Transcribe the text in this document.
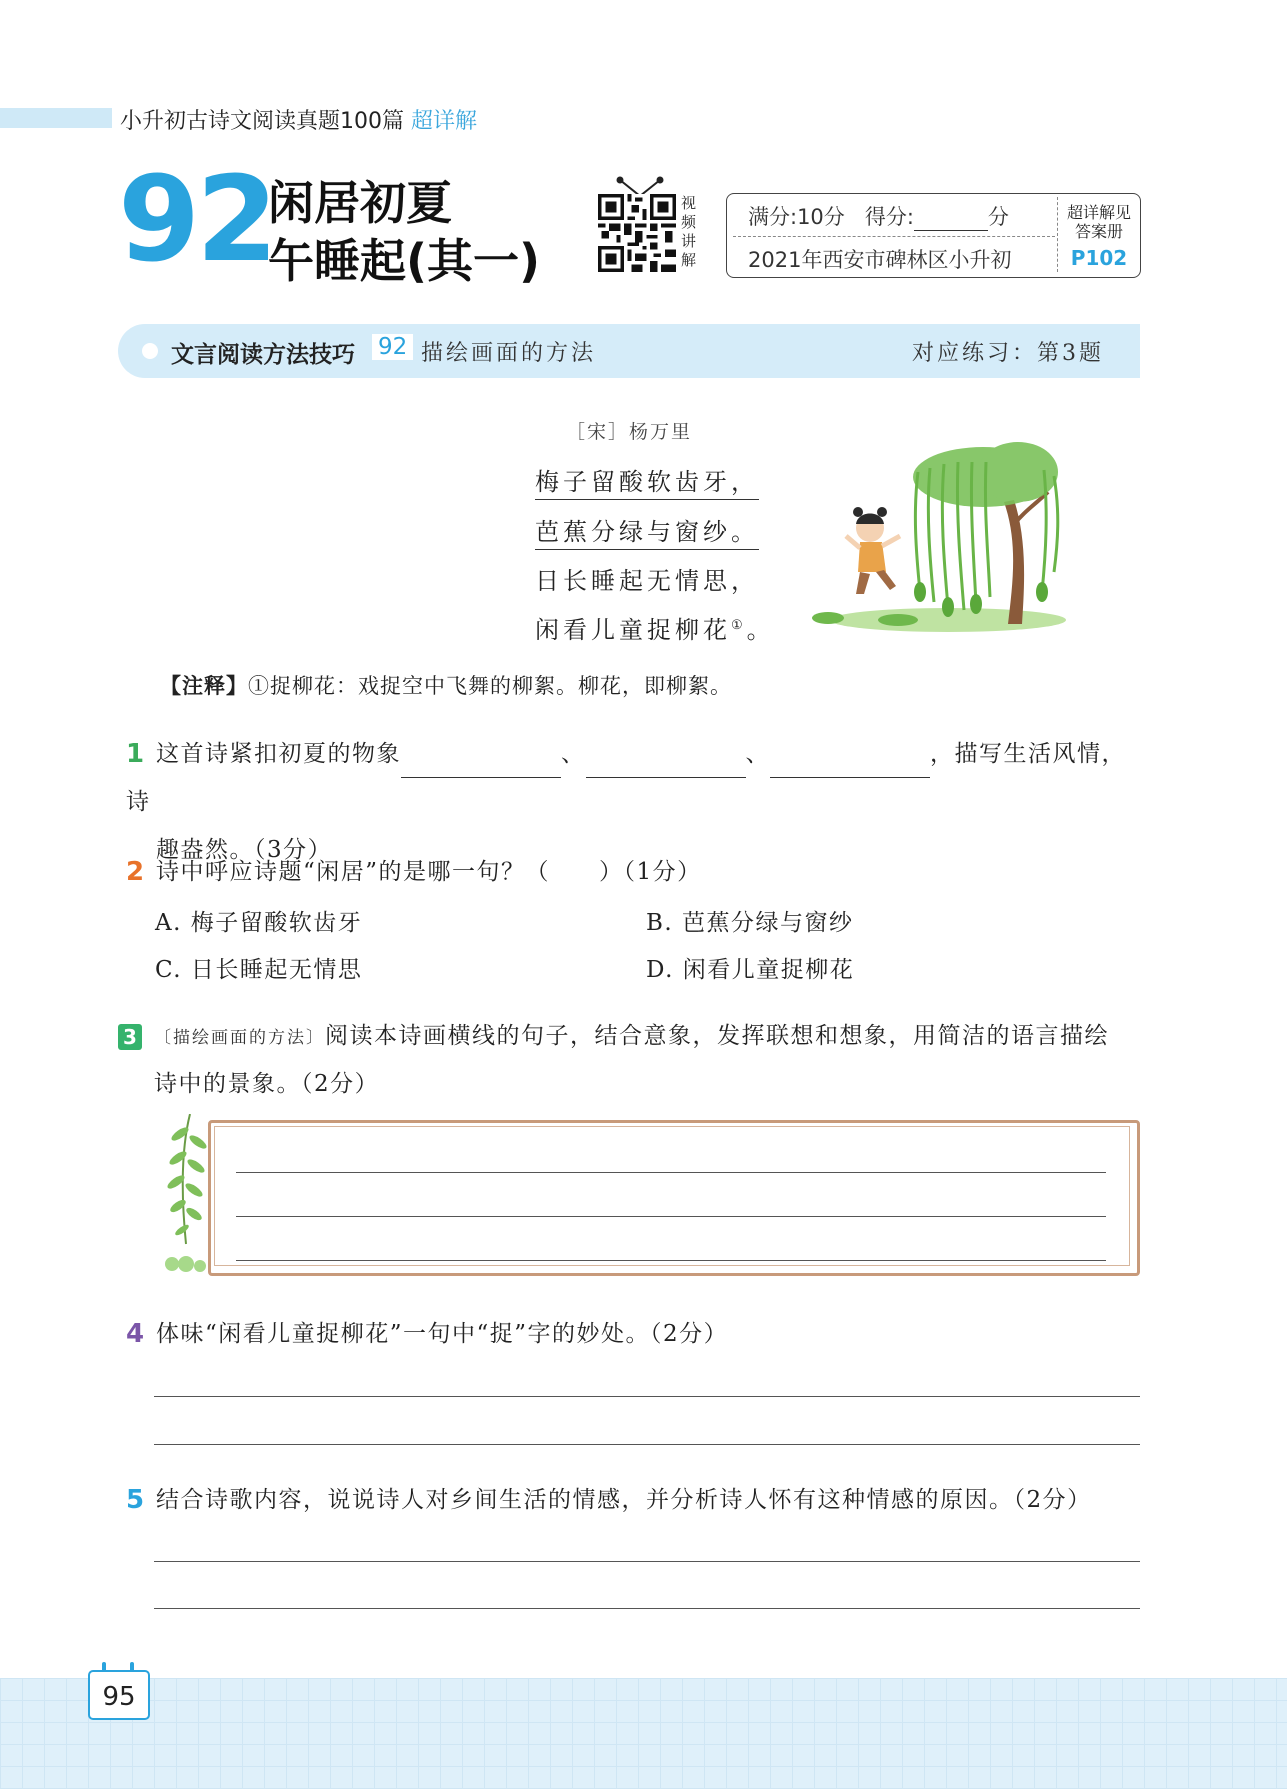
小升初古诗文阅读真题100篇 超详解
92
闲居初夏
午睡起(其一)
视
频
讲
解
满分:10分 得分:	分
2021年西安市碑林区小升初
超详解见
答案册
P102
文言阅读方法技巧 92 描绘画面的方法	对应练习：第3题
［宋］杨万里
梅子留酸软齿牙，
芭蕉分绿与窗纱。
日长睡起无情思，
闲看儿童捉柳花①。
【注释】①捉柳花：戏捉空中飞舞的柳絮。柳花，即柳絮。
1 这首诗紧扣初夏的物象	、	、	，描写生活风情，诗
趣盎然。（3分）
2 诗中呼应诗题“闲居”的是哪一句？（　　）（1分）
A. 梅子留酸软齿牙	B. 芭蕉分绿与窗纱
C. 日长睡起无情思	D. 闲看儿童捉柳花
3 〔描绘画面的方法〕阅读本诗画横线的句子，结合意象，发挥联想和想象，用简洁的语言描绘
诗中的景象。（2分）
4 体味“闲看儿童捉柳花”一句中“捉”字的妙处。（2分）
5 结合诗歌内容，说说诗人对乡间生活的情感，并分析诗人怀有这种情感的原因。（2分）
95
